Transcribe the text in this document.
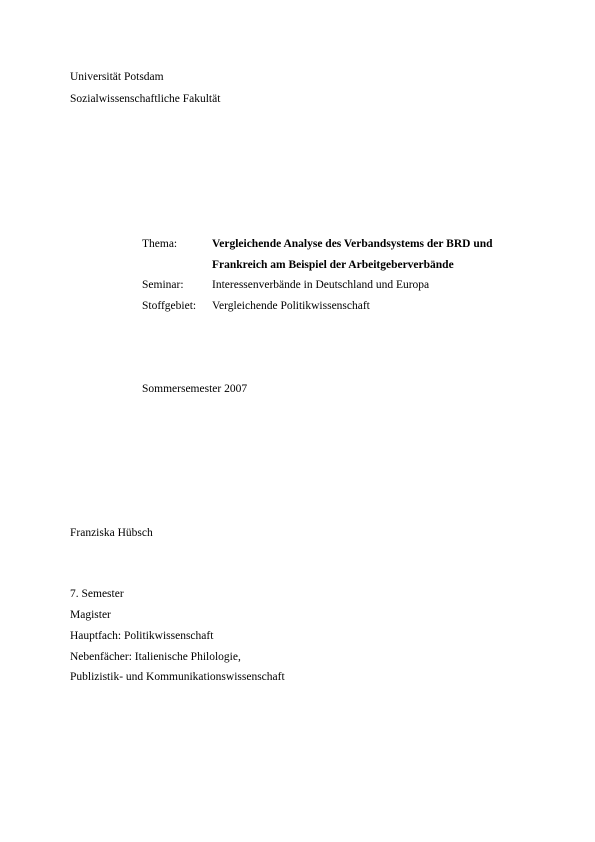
Universität Potsdam
Sozialwissenschaftliche Fakultät
Thema:	Vergleichende Analyse des Verbandsystems der BRD und
Frankreich am Beispiel der Arbeitgeberverbände
Seminar: Interessenverbände in Deutschland und Europa
Stoffgebiet: Vergleichende Politikwissenschaft
Sommersemester 2007
Franziska Hübsch
7. Semester
Magister
Hauptfach: Politikwissenschaft
Nebenfächer: Italienische Philologie,
Publizistik- und Kommunikationswissenschaft
